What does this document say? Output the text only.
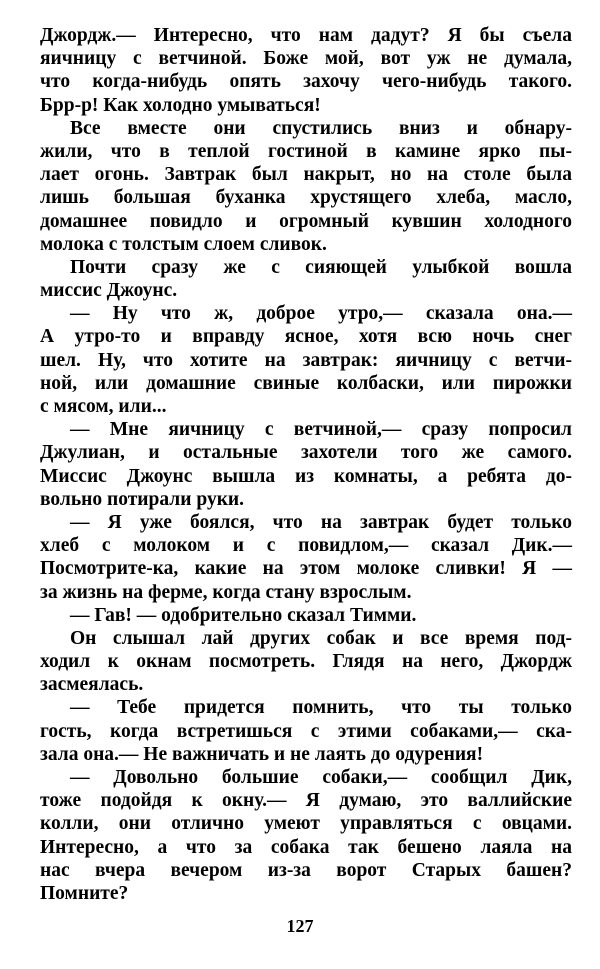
Джордж.— Интересно, что нам дадут? Я бы съела
яичницу с ветчиной. Боже мой, вот уж не думала,
что когда-нибудь опять захочу чего-нибудь такого.
Брр-р! Как холодно умываться!
Все вместе они спустились вниз и обнару-
жили, что в теплой гостиной в камине ярко пы-
лает огонь. Завтрак был накрыт, но на столе была
лишь большая буханка хрустящего хлеба, масло,
домашнее повидло и огромный кувшин холодного
молока с толстым слоем сливок.
Почти сразу же с сияющей улыбкой вошла
миссис Джоунс.
— Ну что ж, доброе утро,— сказала она.—
А утро-то и вправду ясное, хотя всю ночь снег
шел. Ну, что хотите на завтрак: яичницу с ветчи-
ной, или домашние свиные колбаски, или пирожки
с мясом, или...
— Мне яичницу с ветчиной,— сразу попросил
Джулиан, и остальные захотели того же самого.
Миссис Джоунс вышла из комнаты, а ребята до-
вольно потирали руки.
— Я уже боялся, что на завтрак будет только
хлеб с молоком и с повидлом,— сказал Дик.—
Посмотрите-ка, какие на этом молоке сливки! Я —
за жизнь на ферме, когда стану взрослым.
— Гав! — одобрительно сказал Тимми.
Он слышал лай других собак и все время под-
ходил к окнам посмотреть. Глядя на него, Джордж
засмеялась.
— Тебе придется помнить, что ты только
гость, когда встретишься с этими собаками,— ска-
зала она.— Не важничать и не лаять до одурения!
— Довольно большие собаки,— сообщил Дик,
тоже подойдя к окну.— Я думаю, это валлийские
колли, они отлично умеют управляться с овцами.
Интересно, а что за собака так бешено лаяла на
нас вчера вечером из-за ворот Старых башен?
Помните?
127
